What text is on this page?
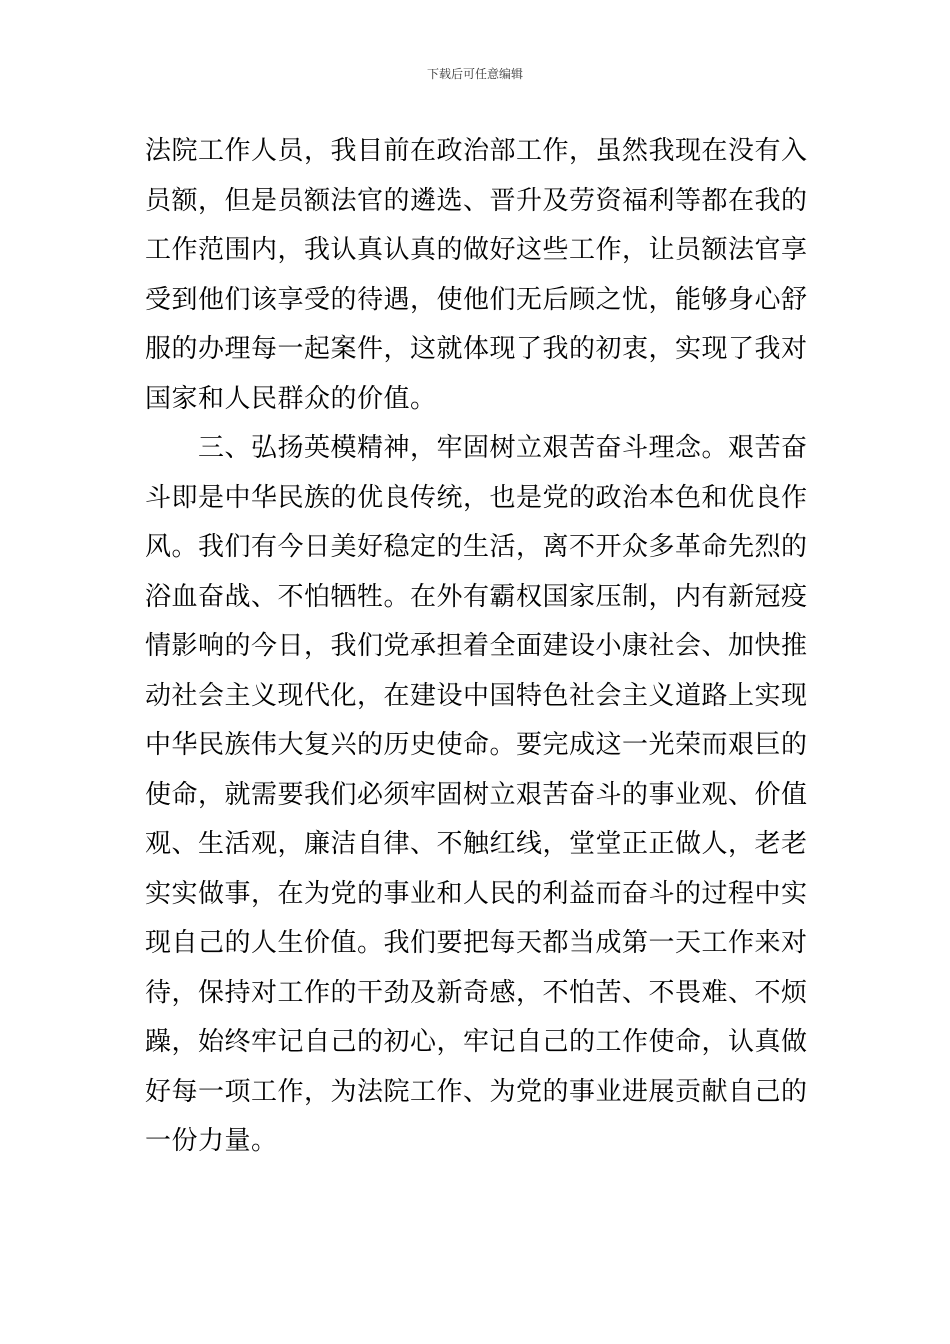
下载后可任意编辑
法院工作人员，我目前在政治部工作，虽然我现在没有入
员额，但是员额法官的遴选、晋升及劳资福利等都在我的
工作范围内，我认真认真的做好这些工作，让员额法官享
受到他们该享受的待遇，使他们无后顾之忧，能够身心舒
服的办理每一起案件，这就体现了我的初衷，实现了我对
国家和人民群众的价值。
　　三、弘扬英模精神，牢固树立艰苦奋斗理念。艰苦奋
斗即是中华民族的优良传统，也是党的政治本色和优良作
风。我们有今日美好稳定的生活，离不开众多革命先烈的
浴血奋战、不怕牺牲。在外有霸权国家压制，内有新冠疫
情影响的今日，我们党承担着全面建设小康社会、加快推
动社会主义现代化，在建设中国特色社会主义道路上实现
中华民族伟大复兴的历史使命。要完成这一光荣而艰巨的
使命，就需要我们必须牢固树立艰苦奋斗的事业观、价值
观、生活观，廉洁自律、不触红线，堂堂正正做人，老老
实实做事，在为党的事业和人民的利益而奋斗的过程中实
现自己的人生价值。我们要把每天都当成第一天工作来对
待，保持对工作的干劲及新奇感，不怕苦、不畏难、不烦
躁，始终牢记自己的初心，牢记自己的工作使命，认真做
好每一项工作，为法院工作、为党的事业进展贡献自己的
一份力量。
